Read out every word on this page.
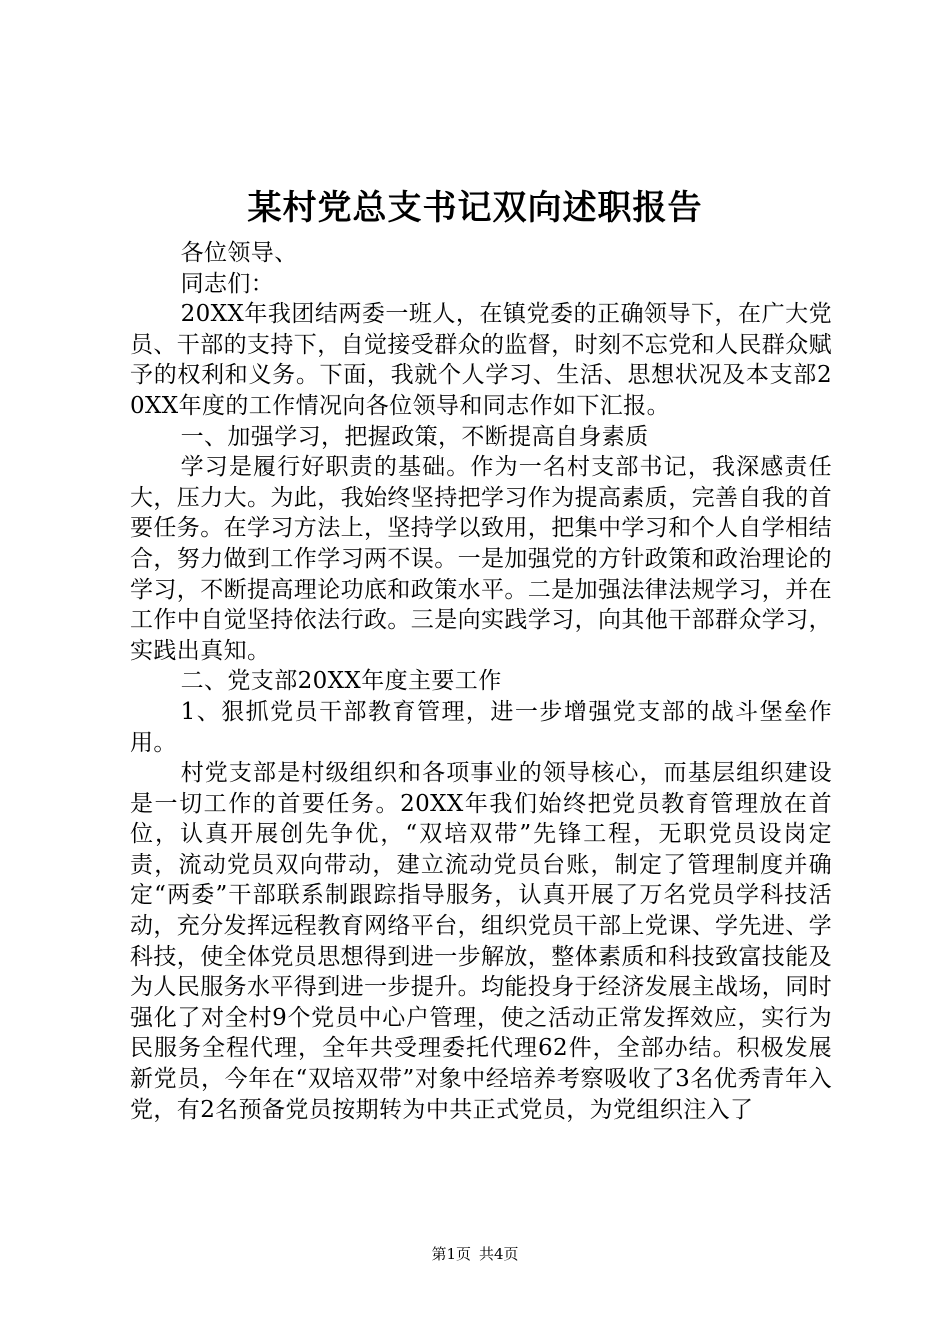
某村党总支书记双向述职报告

各位领导、

同志们：

20XX年我团结两委一班人，在镇党委的正确领导下，在广大党员、干部的支持下，自觉接受群众的监督，时刻不忘党和人民群众赋予的权利和义务。下面，我就个人学习、生活、思想状况及本支部20XX年度的工作情况向各位领导和同志作如下汇报。

一、加强学习，把握政策，不断提高自身素质

学习是履行好职责的基础。作为一名村支部书记，我深感责任大，压力大。为此，我始终坚持把学习作为提高素质，完善自我的首要任务。在学习方法上，坚持学以致用，把集中学习和个人自学相结合，努力做到工作学习两不误。一是加强党的方针政策和政治理论的学习，不断提高理论功底和政策水平。二是加强法律法规学习，并在工作中自觉坚持依法行政。三是向实践学习，向其他干部群众学习，实践出真知。

二、党支部20XX年度主要工作

1、狠抓党员干部教育管理，进一步增强党支部的战斗堡垒作用。

村党支部是村级组织和各项事业的领导核心，而基层组织建设是一切工作的首要任务。20XX年我们始终把党员教育管理放在首位，认真开展创先争优，“双培双带”先锋工程，无职党员设岗定责，流动党员双向带动，建立流动党员台账，制定了管理制度并确定“两委”干部联系制跟踪指导服务，认真开展了万名党员学科技活动，充分发挥远程教育网络平台，组织党员干部上党课、学先进、学科技，使全体党员思想得到进一步解放，整体素质和科技致富技能及为人民服务水平得到进一步提升。均能投身于经济发展主战场，同时强化了对全村9个党员中心户管理，使之活动正常发挥效应，实行为民服务全程代理，全年共受理委托代理62件，全部办结。积极发展新党员，今年在“双培双带”对象中经培养考察吸收了3名优秀青年入党，有2名预备党员按期转为中共正式党员，为党组织注入了

第1页 共4页
